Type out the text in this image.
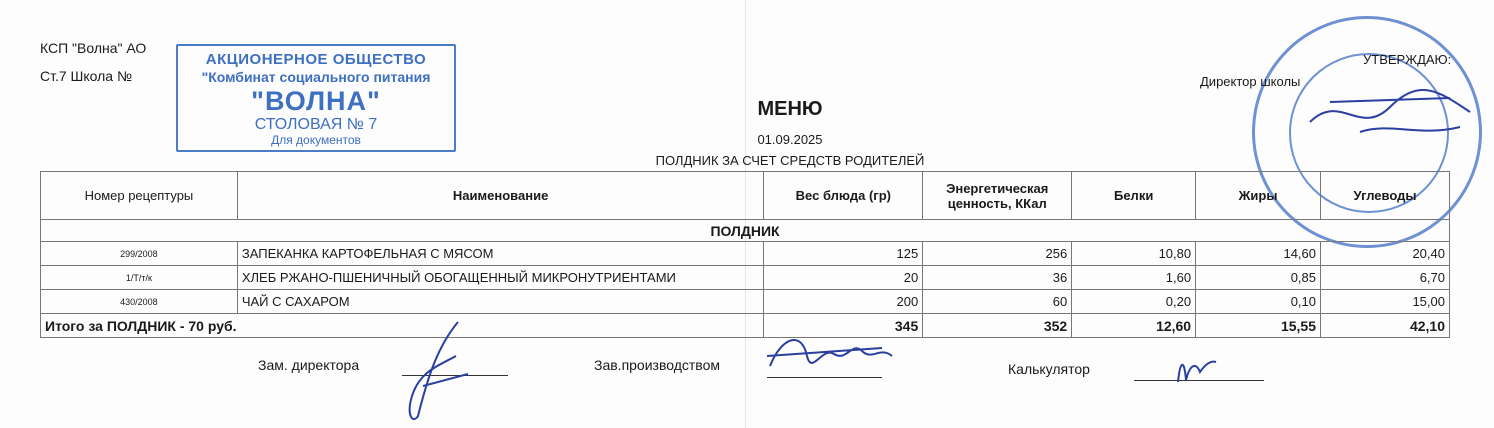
КСП "Волна" АО
Ст.7 Школа №
АКЦИОНЕРНОЕ ОБЩЕСТВО
"Комбинат социального питания
"ВОЛНА"
СТОЛОВАЯ № 7
Для документов
МЕНЮ
01.09.2025
ПОЛДНИК ЗА СЧЕТ СРЕДСТВ РОДИТЕЛЕЙ
УТВЕРЖДАЮ:
Директор школы
Номер рецептуры	Наименование	Вес блюда (гр)	Энергетическая ценность, ККал	Белки	Жиры	Углеводы
ПОЛДНИК						
299/2008	ЗАПЕКАНКА КАРТОФЕЛЬНАЯ С МЯСОМ	125	256	10,80	14,60	20,40
1/Т/т/к	ХЛЕБ РЖАНО-ПШЕНИЧНЫЙ ОБОГАЩЕННЫЙ МИКРОНУТРИЕНТАМИ	20	36	1,60	0,85	6,70
430/2008	ЧАЙ С САХАРОМ	200	60	0,20	0,10	15,00
Итого за ПОЛДНИК - 70 руб.		345	352	12,60	15,55	42,10
Зам. директора	Зав.производством	Калькулятор
